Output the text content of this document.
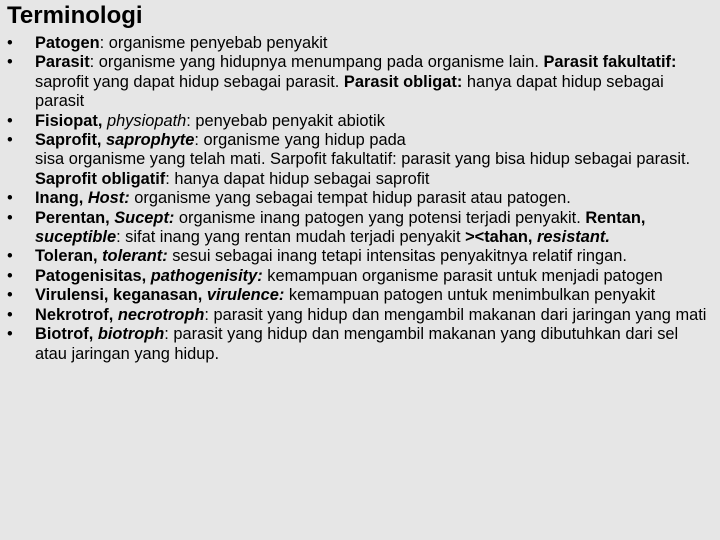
Terminologi
• Patogen: organisme penyebab penyakit
• Parasit: organisme yang hidupnya menumpang pada organisme lain. Parasit fakultatif: saprofit yang dapat hidup sebagai parasit. Parasit obligat: hanya dapat hidup sebagai parasit
• Fisiopat, physiopath: penyebab penyakit abiotik
• Saprofit, saprophyte: organisme yang hidup pada
sisa organisme yang telah mati. Sarpofit fakultatif: parasit yang bisa hidup sebagai parasit. Saprofit obligatif: hanya dapat hidup sebagai saprofit
• Inang, Host: organisme yang sebagai tempat hidup parasit atau patogen.
• Perentan, Sucept: organisme inang patogen yang potensi terjadi penyakit. Rentan, suceptible: sifat inang yang rentan mudah terjadi penyakit ><tahan, resistant.
• Toleran, tolerant: sesui sebagai inang tetapi intensitas penyakitnya relatif ringan.
• Patogenisitas, pathogenisity: kemampuan organisme parasit untuk menjadi patogen
• Virulensi, keganasan, virulence: kemampuan patogen untuk menimbulkan penyakit
• Nekrotrof, necrotroph: parasit yang hidup dan mengambil makanan dari jaringan yang mati
• Biotrof, biotroph: parasit yang hidup dan mengambil makanan yang dibutuhkan dari sel atau jaringan yang hidup.
